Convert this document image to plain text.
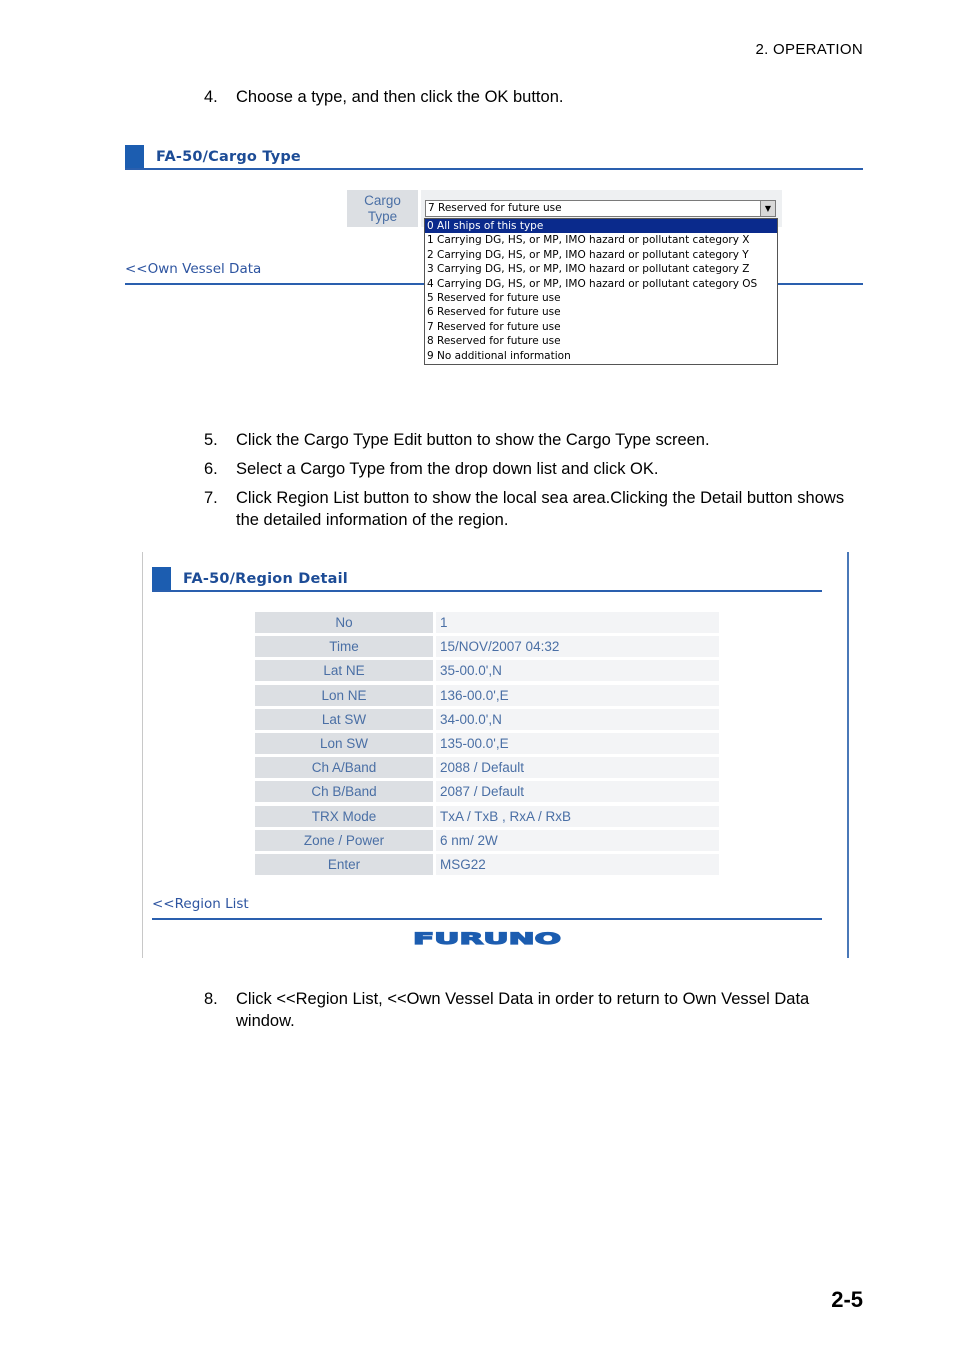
2. OPERATION
4. Choose a type, and then click the OK button.
FA-50/Cargo Type
Cargo
Type
7 Reserved for future use	▼
0 All ships of this type
1 Carrying DG, HS, or MP, IMO hazard or pollutant category X
2 Carrying DG, HS, or MP, IMO hazard or pollutant category Y
3 Carrying DG, HS, or MP, IMO hazard or pollutant category Z
4 Carrying DG, HS, or MP, IMO hazard or pollutant category OS
5 Reserved for future use
6 Reserved for future use
7 Reserved for future use
8 Reserved for future use
9 No additional information
<<Own Vessel Data
5. Click the Cargo Type Edit button to show the Cargo Type screen.
6. Select a Cargo Type from the drop down list and click OK.
7. Click Region List button to show the local sea area.Clicking the Detail button shows the detailed information of the region.
FA-50/Region Detail
No	1
Time	15/NOV/2007 04:32
Lat NE	35-00.0',N
Lon NE	136-00.0',E
Lat SW	34-00.0',N
Lon SW	135-00.0',E
Ch A/Band	2088 / Default
Ch B/Band	2087 / Default
TRX Mode	TxA / TxB , RxA / RxB
Zone / Power	6 nm/ 2W
Enter	MSG22
<<Region List
FURUNO
8. Click <<Region List, <<Own Vessel Data in order to return to Own Vessel Data window.
2-5
